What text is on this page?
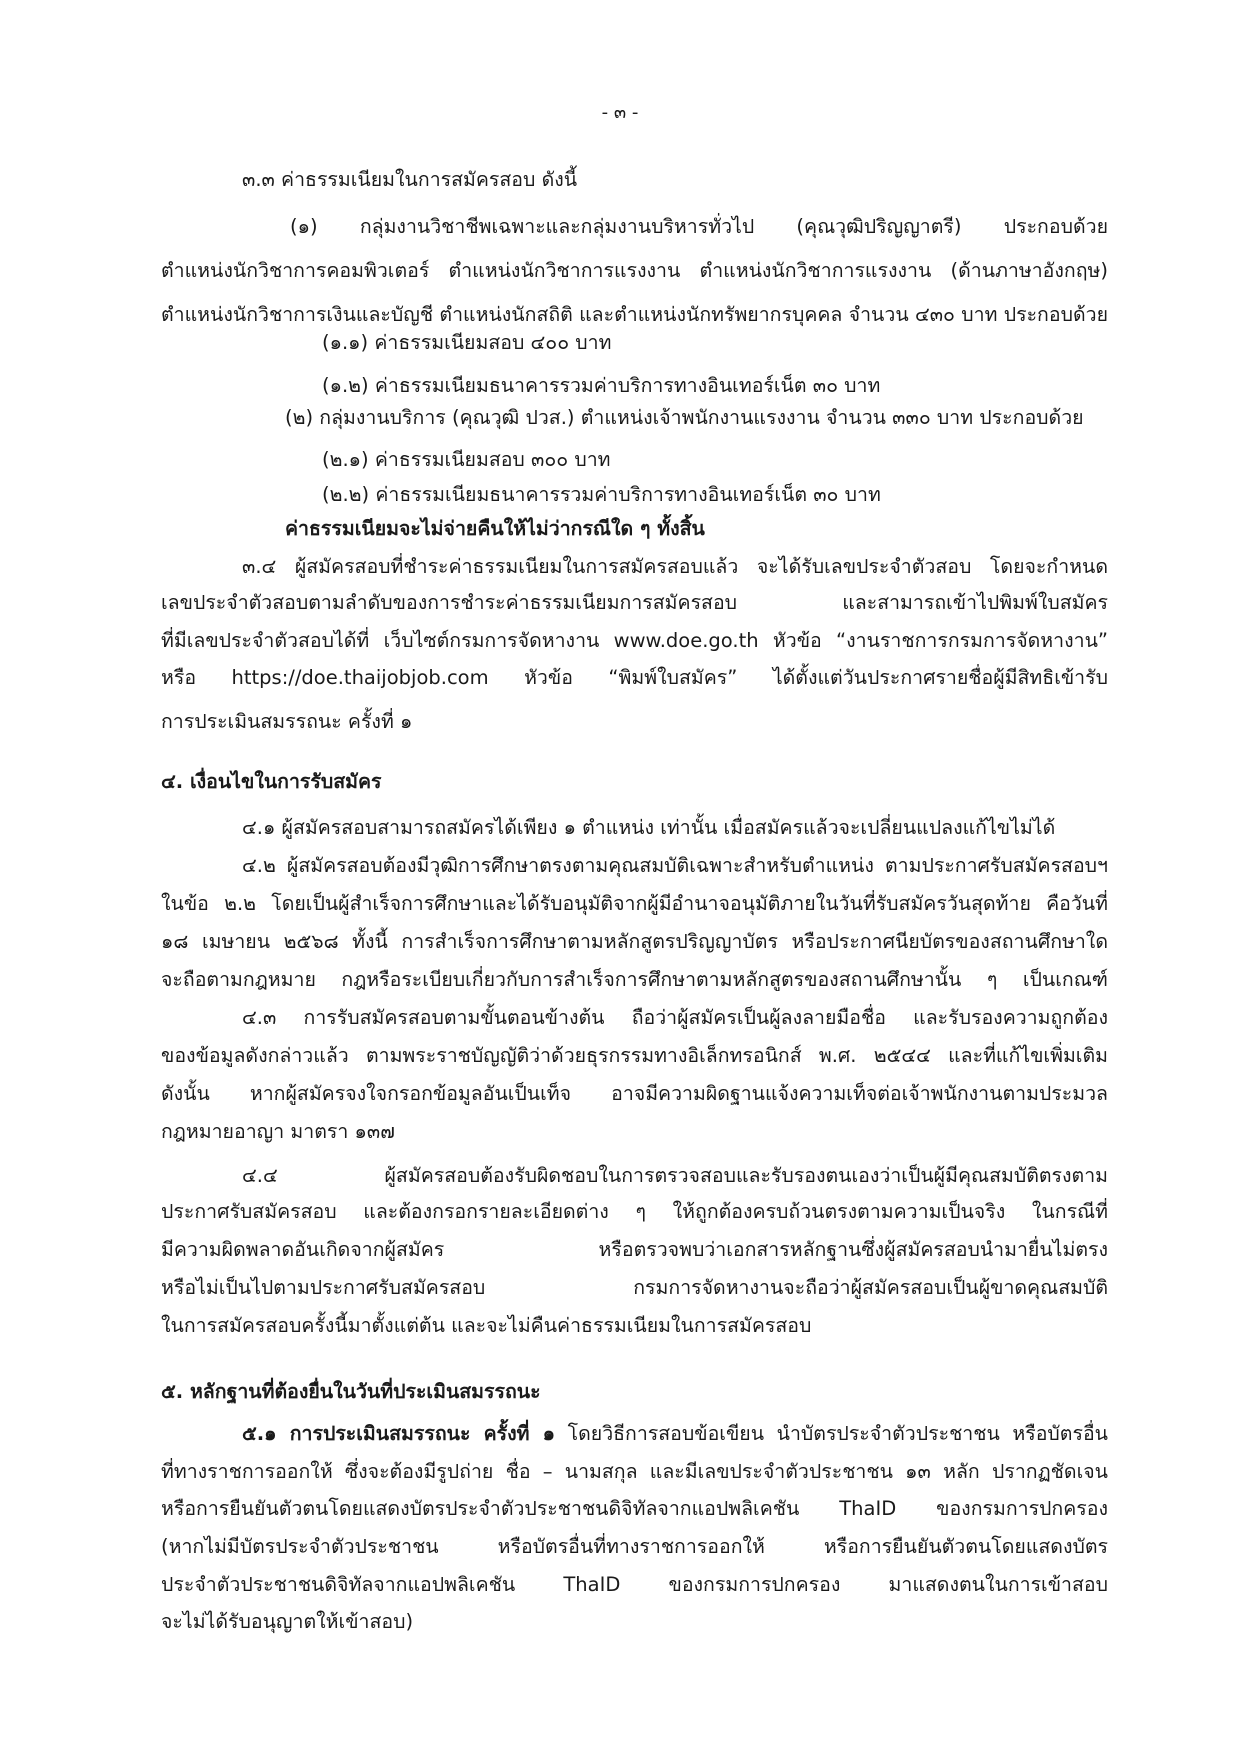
- ๓ -
๓.๓ ค่าธรรมเนียมในการสมัครสอบ ดังนี้
(๑) กลุ่มงานวิชาชีพเฉพาะและกลุ่มงานบริหารทั่วไป (คุณวุฒิปริญญาตรี) ประกอบด้วย
ตำแหน่งนักวิชาการคอมพิวเตอร์ ตำแหน่งนักวิชาการแรงงาน ตำแหน่งนักวิชาการแรงงาน (ด้านภาษาอังกฤษ)
ตำแหน่งนักวิชาการเงินและบัญชี ตำแหน่งนักสถิติ และตำแหน่งนักทรัพยากรบุคคล จำนวน ๔๓๐ บาท ประกอบด้วย
(๑.๑) ค่าธรรมเนียมสอบ ๔๐๐ บาท
(๑.๒) ค่าธรรมเนียมธนาคารรวมค่าบริการทางอินเทอร์เน็ต ๓๐ บาท
(๒) กลุ่มงานบริการ (คุณวุฒิ ปวส.) ตำแหน่งเจ้าพนักงานแรงงาน จำนวน ๓๓๐ บาท ประกอบด้วย
(๒.๑) ค่าธรรมเนียมสอบ ๓๐๐ บาท
(๒.๒) ค่าธรรมเนียมธนาคารรวมค่าบริการทางอินเทอร์เน็ต ๓๐ บาท
ค่าธรรมเนียมจะไม่จ่ายคืนให้ไม่ว่ากรณีใด ๆ ทั้งสิ้น
๓.๔ ผู้สมัครสอบที่ชำระค่าธรรมเนียมในการสมัครสอบแล้ว จะได้รับเลขประจำตัวสอบ โดยจะกำหนด
เลขประจำตัวสอบตามลำดับของการชำระค่าธรรมเนียมการสมัครสอบ และสามารถเข้าไปพิมพ์ใบสมัคร
ที่มีเลขประจำตัวสอบได้ที่ เว็บไซต์กรมการจัดหางาน www.doe.go.th หัวข้อ “งานราชการกรมการจัดหางาน”
หรือ https://doe.thaijobjob.com หัวข้อ “พิมพ์ใบสมัคร” ได้ตั้งแต่วันประกาศรายชื่อผู้มีสิทธิเข้ารับ
การประเมินสมรรถนะ ครั้งที่ ๑
๔. เงื่อนไขในการรับสมัคร
๔.๑ ผู้สมัครสอบสามารถสมัครได้เพียง ๑ ตำแหน่ง เท่านั้น เมื่อสมัครแล้วจะเปลี่ยนแปลงแก้ไขไม่ได้
๔.๒ ผู้สมัครสอบต้องมีวุฒิการศึกษาตรงตามคุณสมบัติเฉพาะสำหรับตำแหน่ง ตามประกาศรับสมัครสอบฯ
ในข้อ ๒.๒ โดยเป็นผู้สำเร็จการศึกษาและได้รับอนุมัติจากผู้มีอำนาจอนุมัติภายในวันที่รับสมัครวันสุดท้าย คือวันที่
๑๘ เมษายน ๒๕๖๘ ทั้งนี้ การสำเร็จการศึกษาตามหลักสูตรปริญญาบัตร หรือประกาศนียบัตรของสถานศึกษาใด
จะถือตามกฎหมาย กฎหรือระเบียบเกี่ยวกับการสำเร็จการศึกษาตามหลักสูตรของสถานศึกษานั้น ๆ เป็นเกณฑ์
๔.๓ การรับสมัครสอบตามขั้นตอนข้างต้น ถือว่าผู้สมัครเป็นผู้ลงลายมือชื่อ และรับรองความถูกต้อง
ของข้อมูลดังกล่าวแล้ว ตามพระราชบัญญัติว่าด้วยธุรกรรมทางอิเล็กทรอนิกส์ พ.ศ. ๒๕๔๔ และที่แก้ไขเพิ่มเติม
ดังนั้น หากผู้สมัครจงใจกรอกข้อมูลอันเป็นเท็จ อาจมีความผิดฐานแจ้งความเท็จต่อเจ้าพนักงานตามประมวล
กฎหมายอาญา มาตรา ๑๓๗
๔.๔ ผู้สมัครสอบต้องรับผิดชอบในการตรวจสอบและรับรองตนเองว่าเป็นผู้มีคุณสมบัติตรงตาม
ประกาศรับสมัครสอบ และต้องกรอกรายละเอียดต่าง ๆ ให้ถูกต้องครบถ้วนตรงตามความเป็นจริง ในกรณีที่
มีความผิดพลาดอันเกิดจากผู้สมัคร หรือตรวจพบว่าเอกสารหลักฐานซึ่งผู้สมัครสอบนำมายื่นไม่ตรง
หรือไม่เป็นไปตามประกาศรับสมัครสอบ กรมการจัดหางานจะถือว่าผู้สมัครสอบเป็นผู้ขาดคุณสมบัติ
ในการสมัครสอบครั้งนี้มาตั้งแต่ต้น และจะไม่คืนค่าธรรมเนียมในการสมัครสอบ
๕. หลักฐานที่ต้องยื่นในวันที่ประเมินสมรรถนะ
๕.๑ การประเมินสมรรถนะ ครั้งที่ ๑ โดยวิธีการสอบข้อเขียน นำบัตรประจำตัวประชาชน หรือบัตรอื่น
ที่ทางราชการออกให้ ซึ่งจะต้องมีรูปถ่าย ชื่อ – นามสกุล และมีเลขประจำตัวประชาชน ๑๓ หลัก ปรากฏชัดเจน
หรือการยืนยันตัวตนโดยแสดงบัตรประจำตัวประชาชนดิจิทัลจากแอปพลิเคชัน ThaID ของกรมการปกครอง
(หากไม่มีบัตรประจำตัวประชาชน หรือบัตรอื่นที่ทางราชการออกให้ หรือการยืนยันตัวตนโดยแสดงบัตร
ประจำตัวประชาชนดิจิทัลจากแอปพลิเคชัน ThaID ของกรมการปกครอง มาแสดงตนในการเข้าสอบ
จะไม่ได้รับอนุญาตให้เข้าสอบ)
